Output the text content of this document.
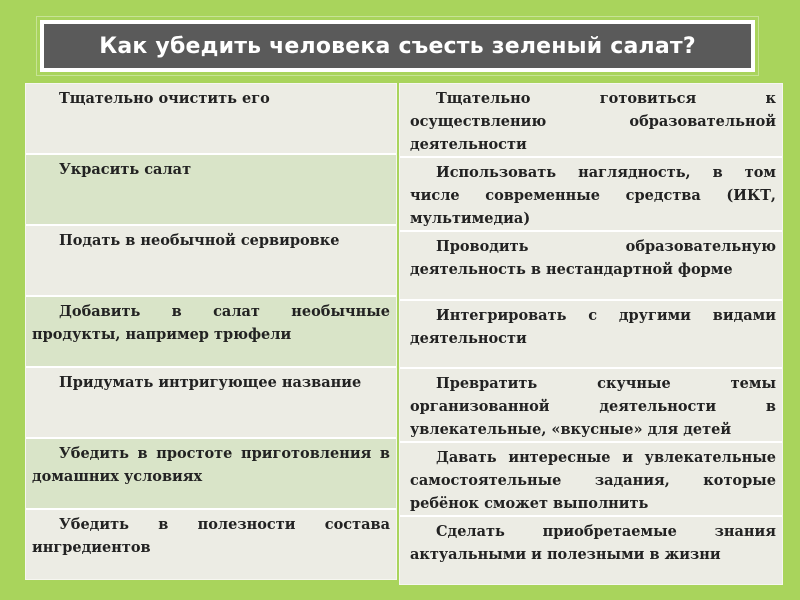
Как убедить человека съесть зеленый салат?
Тщательно очистить его
Украсить салат
Подать в необычной сервировке
Добавить в салат необычные продукты, например трюфели
Придумать интригующее название
Убедить в простоте приготовления в домашних условиях
Убедить в полезности состава ингредиентов
Тщательно готовиться к осуществлению образовательной деятельности
Использовать наглядность, в том числе современные средства (ИКТ, мультимедиа)
Проводить образовательную деятельность в нестандартной форме
Интегрировать с другими видами деятельности
Превратить скучные темы организованной деятельности в увлекательные, «вкусные» для детей
Давать интересные и увлекательные самостоятельные задания, которые ребёнок сможет выполнить
Сделать приобретаемые знания актуальными и полезными в жизни
